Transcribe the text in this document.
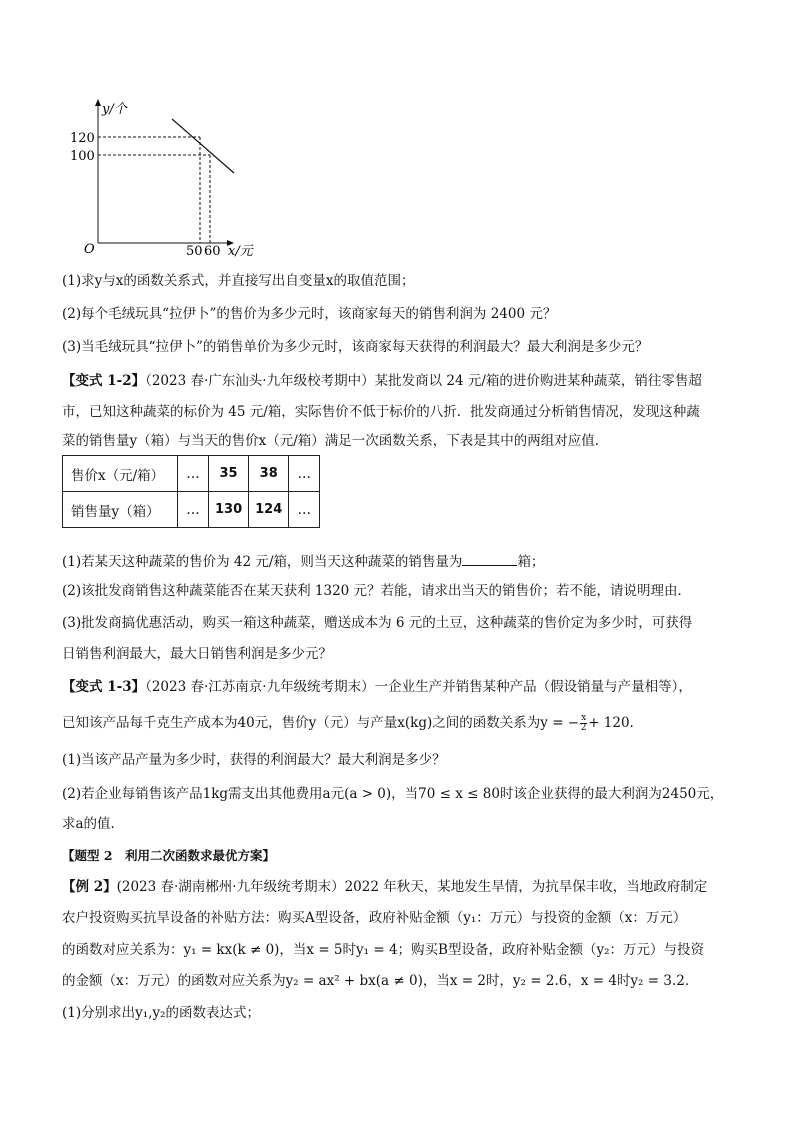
y/个
120
100
O	50 60 x/元
(1)求y与x的函数关系式，并直接写出自变量x的取值范围；
(2)每个毛绒玩具“拉伊卜”的售价为多少元时，该商家每天的销售利润为 2400 元？
(3)当毛绒玩具“拉伊卜”的销售单价为多少元时，该商家每天获得的利润最大？最大利润是多少元？
【变式 1-2】（2023 春·广东汕头·九年级校考期中）某批发商以 24 元/箱的进价购进某种蔬菜，销往零售超
市，已知这种蔬菜的标价为 45 元/箱，实际售价不低于标价的八折．批发商通过分析销售情况，发现这种蔬
菜的销售量y（箱）与当天的售价x（元/箱）满足一次函数关系，下表是其中的两组对应值．
售价x（元/箱）	…	35	38	…
销售量y（箱）	…	130	124	…
(1)若某天这种蔬菜的售价为 42 元/箱，则当天这种蔬菜的销售量为	箱；
(2)该批发商销售这种蔬菜能否在某天获利 1320 元？若能，请求出当天的销售价；若不能，请说明理由．
(3)批发商搞优惠活动，购买一箱这种蔬菜，赠送成本为 6 元的土豆，这种蔬菜的售价定为多少时，可获得
日销售利润最大，最大日销售利润是多少元？
【变式 1-3】（2023 春·江苏南京·九年级统考期末）一企业生产并销售某种产品（假设销量与产量相等），
已知该产品每千克生产成本为40元，售价y（元）与产量x(kg)之间的函数关系为y = − $\frac{x}{2} + 120$.
(1)当该产品产量为多少时，获得的利润最大？最大利润是多少？
(2)若企业每销售该产品1kg需支出其他费用a元(a > 0)，当70 ≤ x ≤ 80时该企业获得的最大利润为2450元，
求a的值.
【题型 2　利用二次函数求最优方案】
【例 2】(2023 春·湖南郴州·九年级统考期末）2022 年秋天，某地发生旱情，为抗旱保丰收，当地政府制定
农户投资购买抗旱设备的补贴方法：购买A型设备，政府补贴金额（y₁：万元）与投资的金额（x：万元）
的函数对应关系为：y₁ = kx(k ≠ 0)，当x = 5时y₁ = 4；购买B型设备，政府补贴金额（y₂：万元）与投资
的金额（x：万元）的函数对应关系为y₂ = ax² + bx(a ≠ 0)，当x = 2时，y₂ = 2.6，x = 4时y₂ = 3.2．
(1)分别求出y₁,y₂的函数表达式；
